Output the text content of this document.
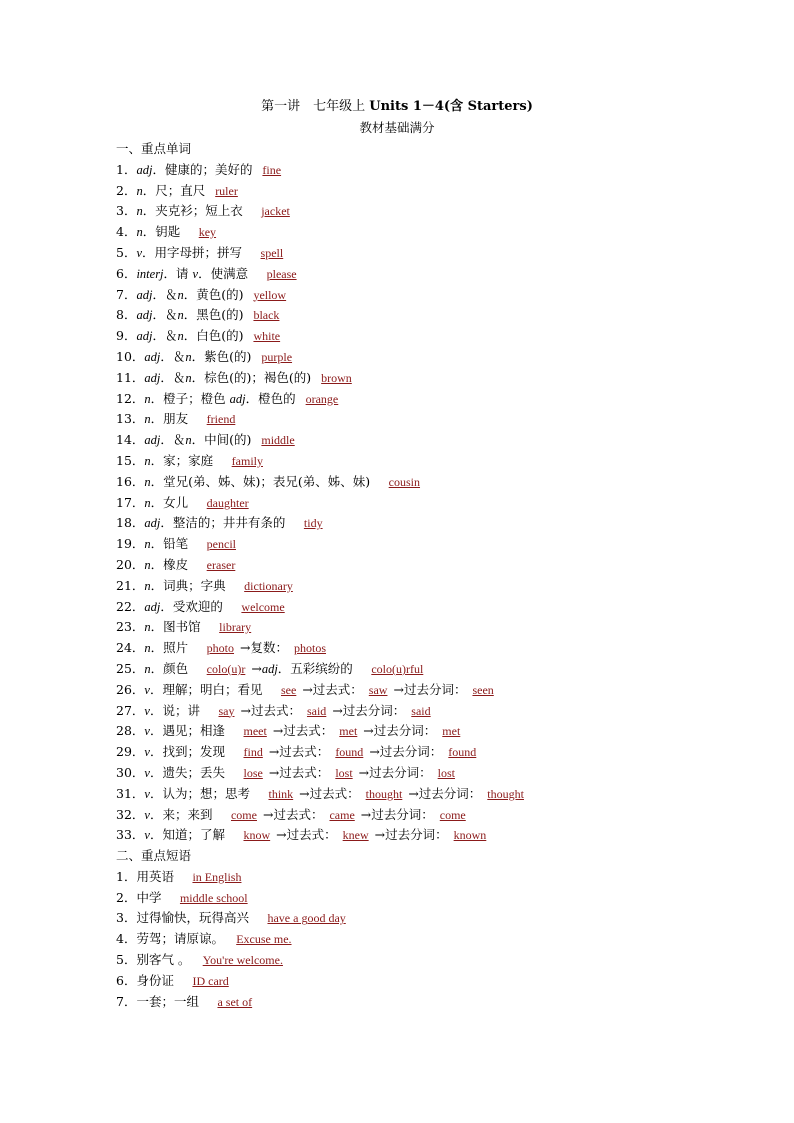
第一讲　七年级上 Units 1－4(含 Starters)
教材基础满分
一、重点单词
1．adj．健康的；美好的 fine
2．n．尺；直尺 ruler
3．n．夹克衫；短上衣　jacket
4．n．钥匙　key
5．v．用字母拼；拼写　spell
6．interj．请 v．使满意　please
7．adj．＆n．黄色(的) yellow
8．adj．＆n．黑色(的) black
9．adj．＆n．白色(的) white
10．adj．＆n．紫色(的) purple
11．adj．＆n．棕色(的)；褐色(的) brown
12．n．橙子；橙色 adj．橙色的 orange
13．n．朋友　friend
14．adj．＆n．中间(的) middle
15．n．家；家庭　family
16．n．堂兄(弟、姊、妹)；表兄(弟、姊、妹)　cousin
17．n．女儿　daughter
18．adj．整洁的；井井有条的　tidy
19．n．铅笔　pencil
20．n．橡皮　eraser
21．n．词典；字典　dictionary
22．adj．受欢迎的　welcome
23．n．图书馆　library
24．n．照片　photo →复数： photos
25．n．颜色　colo(u)r →adj．五彩缤纷的　colo(u)rful
26．v．理解；明白；看见　see →过去式： saw →过去分词： seen
27．v．说；讲　say →过去式： said →过去分词： said
28．v．遇见；相逢　meet →过去式： met →过去分词： met
29．v．找到；发现　find →过去式： found →过去分词： found
30．v．遗失；丢失　lose →过去式： lost →过去分词： lost
31．v．认为；想；思考　think →过去式： thought →过去分词： thought
32．v．来；来到　come →过去式： came →过去分词： come
33．v．知道；了解　know →过去式： knew →过去分词： known
二、重点短语
1．用英语　in English
2．中学　middle school
3．过得愉快，玩得高兴　have a good day
4．劳驾；请原谅。　Excuse me.
5．别客气 。　You're welcome.
6．身份证　ID card
7．一套；一组　a set of
